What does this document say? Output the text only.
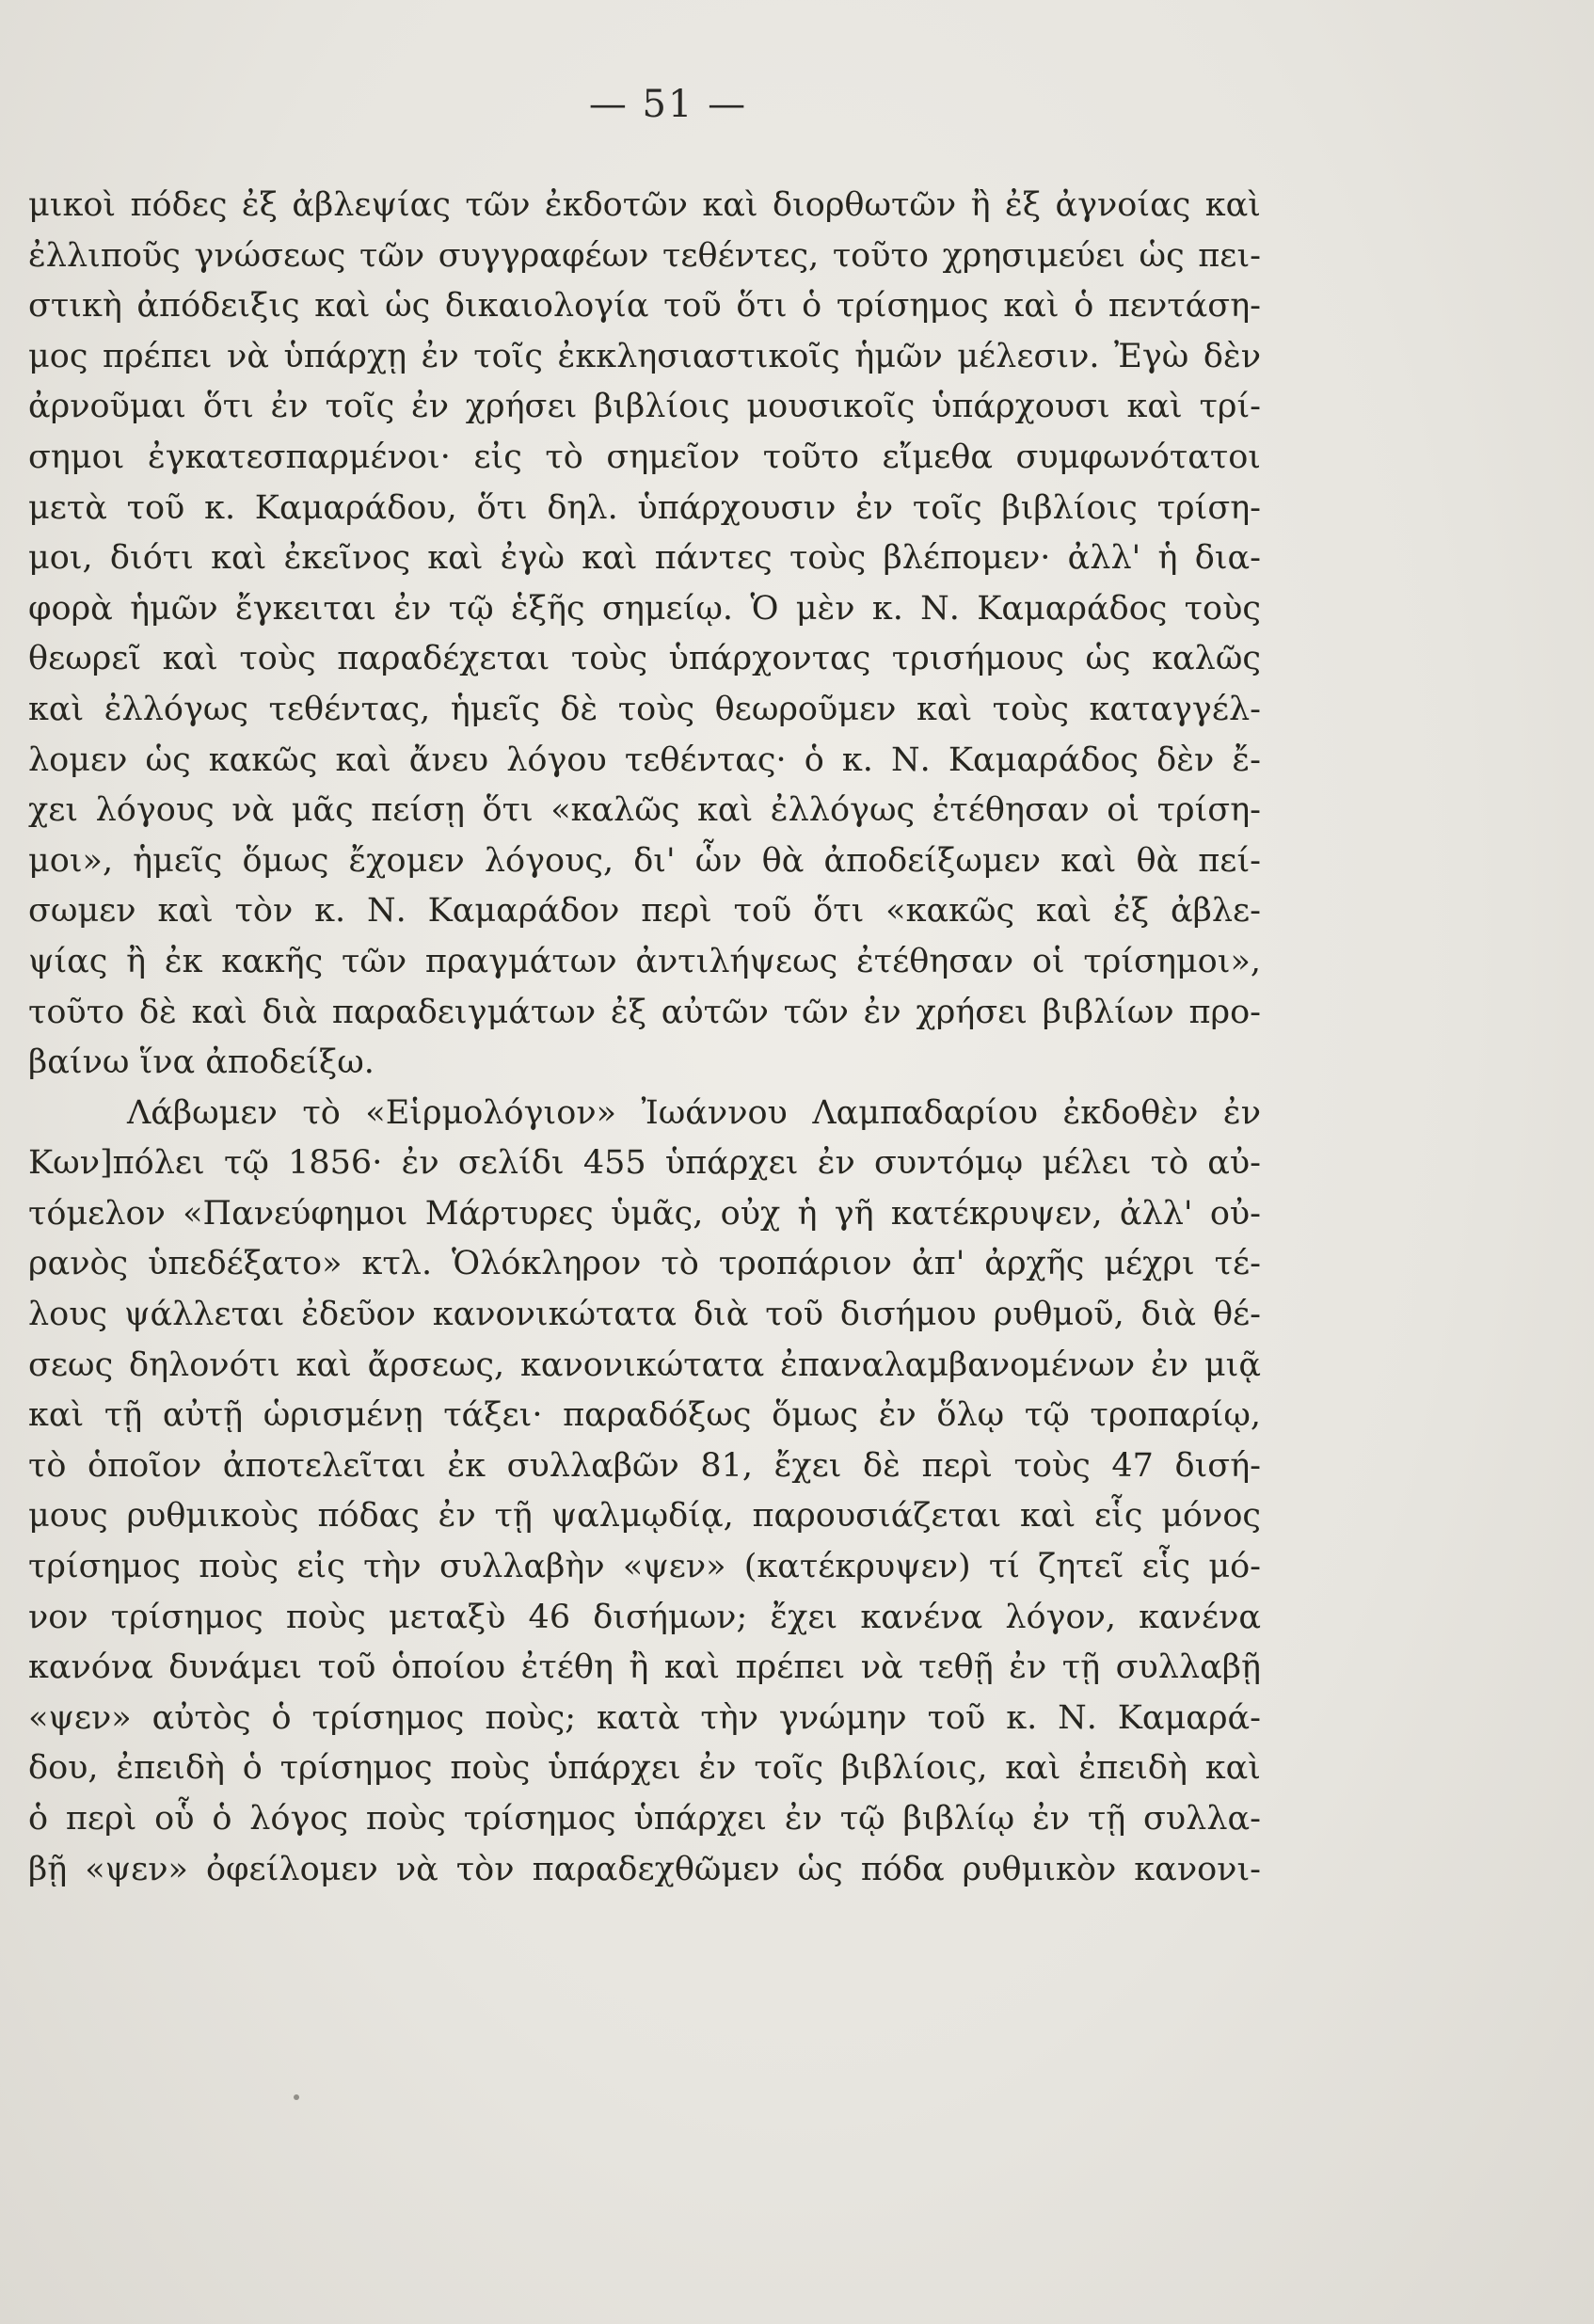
— 51 —
μικοὶ πόδες ἐξ ἀβλεψίας τῶν ἐκδοτῶν καὶ διορθωτῶν ἢ ἐξ ἀγνοίας καὶ
ἐλλιποῦς γνώσεως τῶν συγγραφέων τεθέντες, τοῦτο χρησιμεύει ὡς πει-
στικὴ ἀπόδειξις καὶ ὡς δικαιολογία τοῦ ὅτι ὁ τρίσημος καὶ ὁ πεντάση-
μος πρέπει νὰ ὑπάρχῃ ἐν τοῖς ἐκκλησιαστικοῖς ἡμῶν μέλεσιν. Ἐγὼ δὲν
ἀρνοῦμαι ὅτι ἐν τοῖς ἐν χρήσει βιβλίοις μουσικοῖς ὑπάρχουσι καὶ τρί-
σημοι ἐγκατεσπαρμένοι· εἰς τὸ σημεῖον τοῦτο εἴμεθα συμφωνότατοι
μετὰ τοῦ κ. Καμαράδου, ὅτι δηλ. ὑπάρχουσιν ἐν τοῖς βιβλίοις τρίση-
μοι, διότι καὶ ἐκεῖνος καὶ ἐγὼ καὶ πάντες τοὺς βλέπομεν· ἀλλ' ἡ δια-
φορὰ ἡμῶν ἔγκειται ἐν τῷ ἑξῆς σημείῳ. Ὁ μὲν κ. Ν. Καμαράδος τοὺς
θεωρεῖ καὶ τοὺς παραδέχεται τοὺς ὑπάρχοντας τρισήμους ὡς καλῶς
καὶ ἐλλόγως τεθέντας, ἡμεῖς δὲ τοὺς θεωροῦμεν καὶ τοὺς καταγγέλ-
λομεν ὡς κακῶς καὶ ἄνευ λόγου τεθέντας· ὁ κ. Ν. Καμαράδος δὲν ἔ-
χει λόγους νὰ μᾶς πείσῃ ὅτι «καλῶς καὶ ἐλλόγως ἐτέθησαν οἱ τρίση-
μοι», ἡμεῖς ὅμως ἔχομεν λόγους, δι' ὧν θὰ ἀποδείξωμεν καὶ θὰ πεί-
σωμεν καὶ τὸν κ. Ν. Καμαράδον περὶ τοῦ ὅτι «κακῶς καὶ ἐξ ἀβλε-
ψίας ἢ ἐκ κακῆς τῶν πραγμάτων ἀντιλήψεως ἐτέθησαν οἱ τρίσημοι»,
τοῦτο δὲ καὶ διὰ παραδειγμάτων ἐξ αὐτῶν τῶν ἐν χρήσει βιβλίων προ-
βαίνω ἵνα ἀποδείξω.
Λάβωμεν τὸ «Εἱρμολόγιον» Ἰωάννου Λαμπαδαρίου ἐκδοθὲν ἐν
Κων]πόλει τῷ 1856· ἐν σελίδι 455 ὑπάρχει ἐν συντόμῳ μέλει τὸ αὐ-
τόμελον «Πανεύφημοι Μάρτυρες ὑμᾶς, οὐχ ἡ γῆ κατέκρυψεν, ἀλλ' οὐ-
ρανὸς ὑπεδέξατο» κτλ. Ὁλόκληρον τὸ τροπάριον ἀπ' ἀρχῆς μέχρι τέ-
λους ψάλλεται ἐδεῦον κανονικώτατα διὰ τοῦ δισήμου ρυθμοῦ, διὰ θέ-
σεως δηλονότι καὶ ἄρσεως, κανονικώτατα ἐπαναλαμβανομένων ἐν μιᾷ
καὶ τῇ αὐτῇ ὡρισμένῃ τάξει· παραδόξως ὅμως ἐν ὅλῳ τῷ τροπαρίῳ,
τὸ ὁποῖον ἀποτελεῖται ἐκ συλλαβῶν 81, ἔχει δὲ περὶ τοὺς 47 δισή-
μους ρυθμικοὺς πόδας ἐν τῇ ψαλμῳδίᾳ, παρουσιάζεται καὶ εἷς μόνος
τρίσημος ποὺς εἰς τὴν συλλαβὴν «ψεν» (κατέκρυψεν) τί ζητεῖ εἷς μό-
νον τρίσημος ποὺς μεταξὺ 46 δισήμων; ἔχει κανένα λόγον, κανένα
κανόνα δυνάμει τοῦ ὁποίου ἐτέθη ἢ καὶ πρέπει νὰ τεθῇ ἐν τῇ συλλαβῇ
«ψεν» αὐτὸς ὁ τρίσημος ποὺς; κατὰ τὴν γνώμην τοῦ κ. Ν. Καμαρά-
δου, ἐπειδὴ ὁ τρίσημος ποὺς ὑπάρχει ἐν τοῖς βιβλίοις, καὶ ἐπειδὴ καὶ
ὁ περὶ οὗ ὁ λόγος ποὺς τρίσημος ὑπάρχει ἐν τῷ βιβλίῳ ἐν τῇ συλλα-
βῇ «ψεν» ὀφείλομεν νὰ τὸν παραδεχθῶμεν ὡς πόδα ρυθμικὸν κανονι-
